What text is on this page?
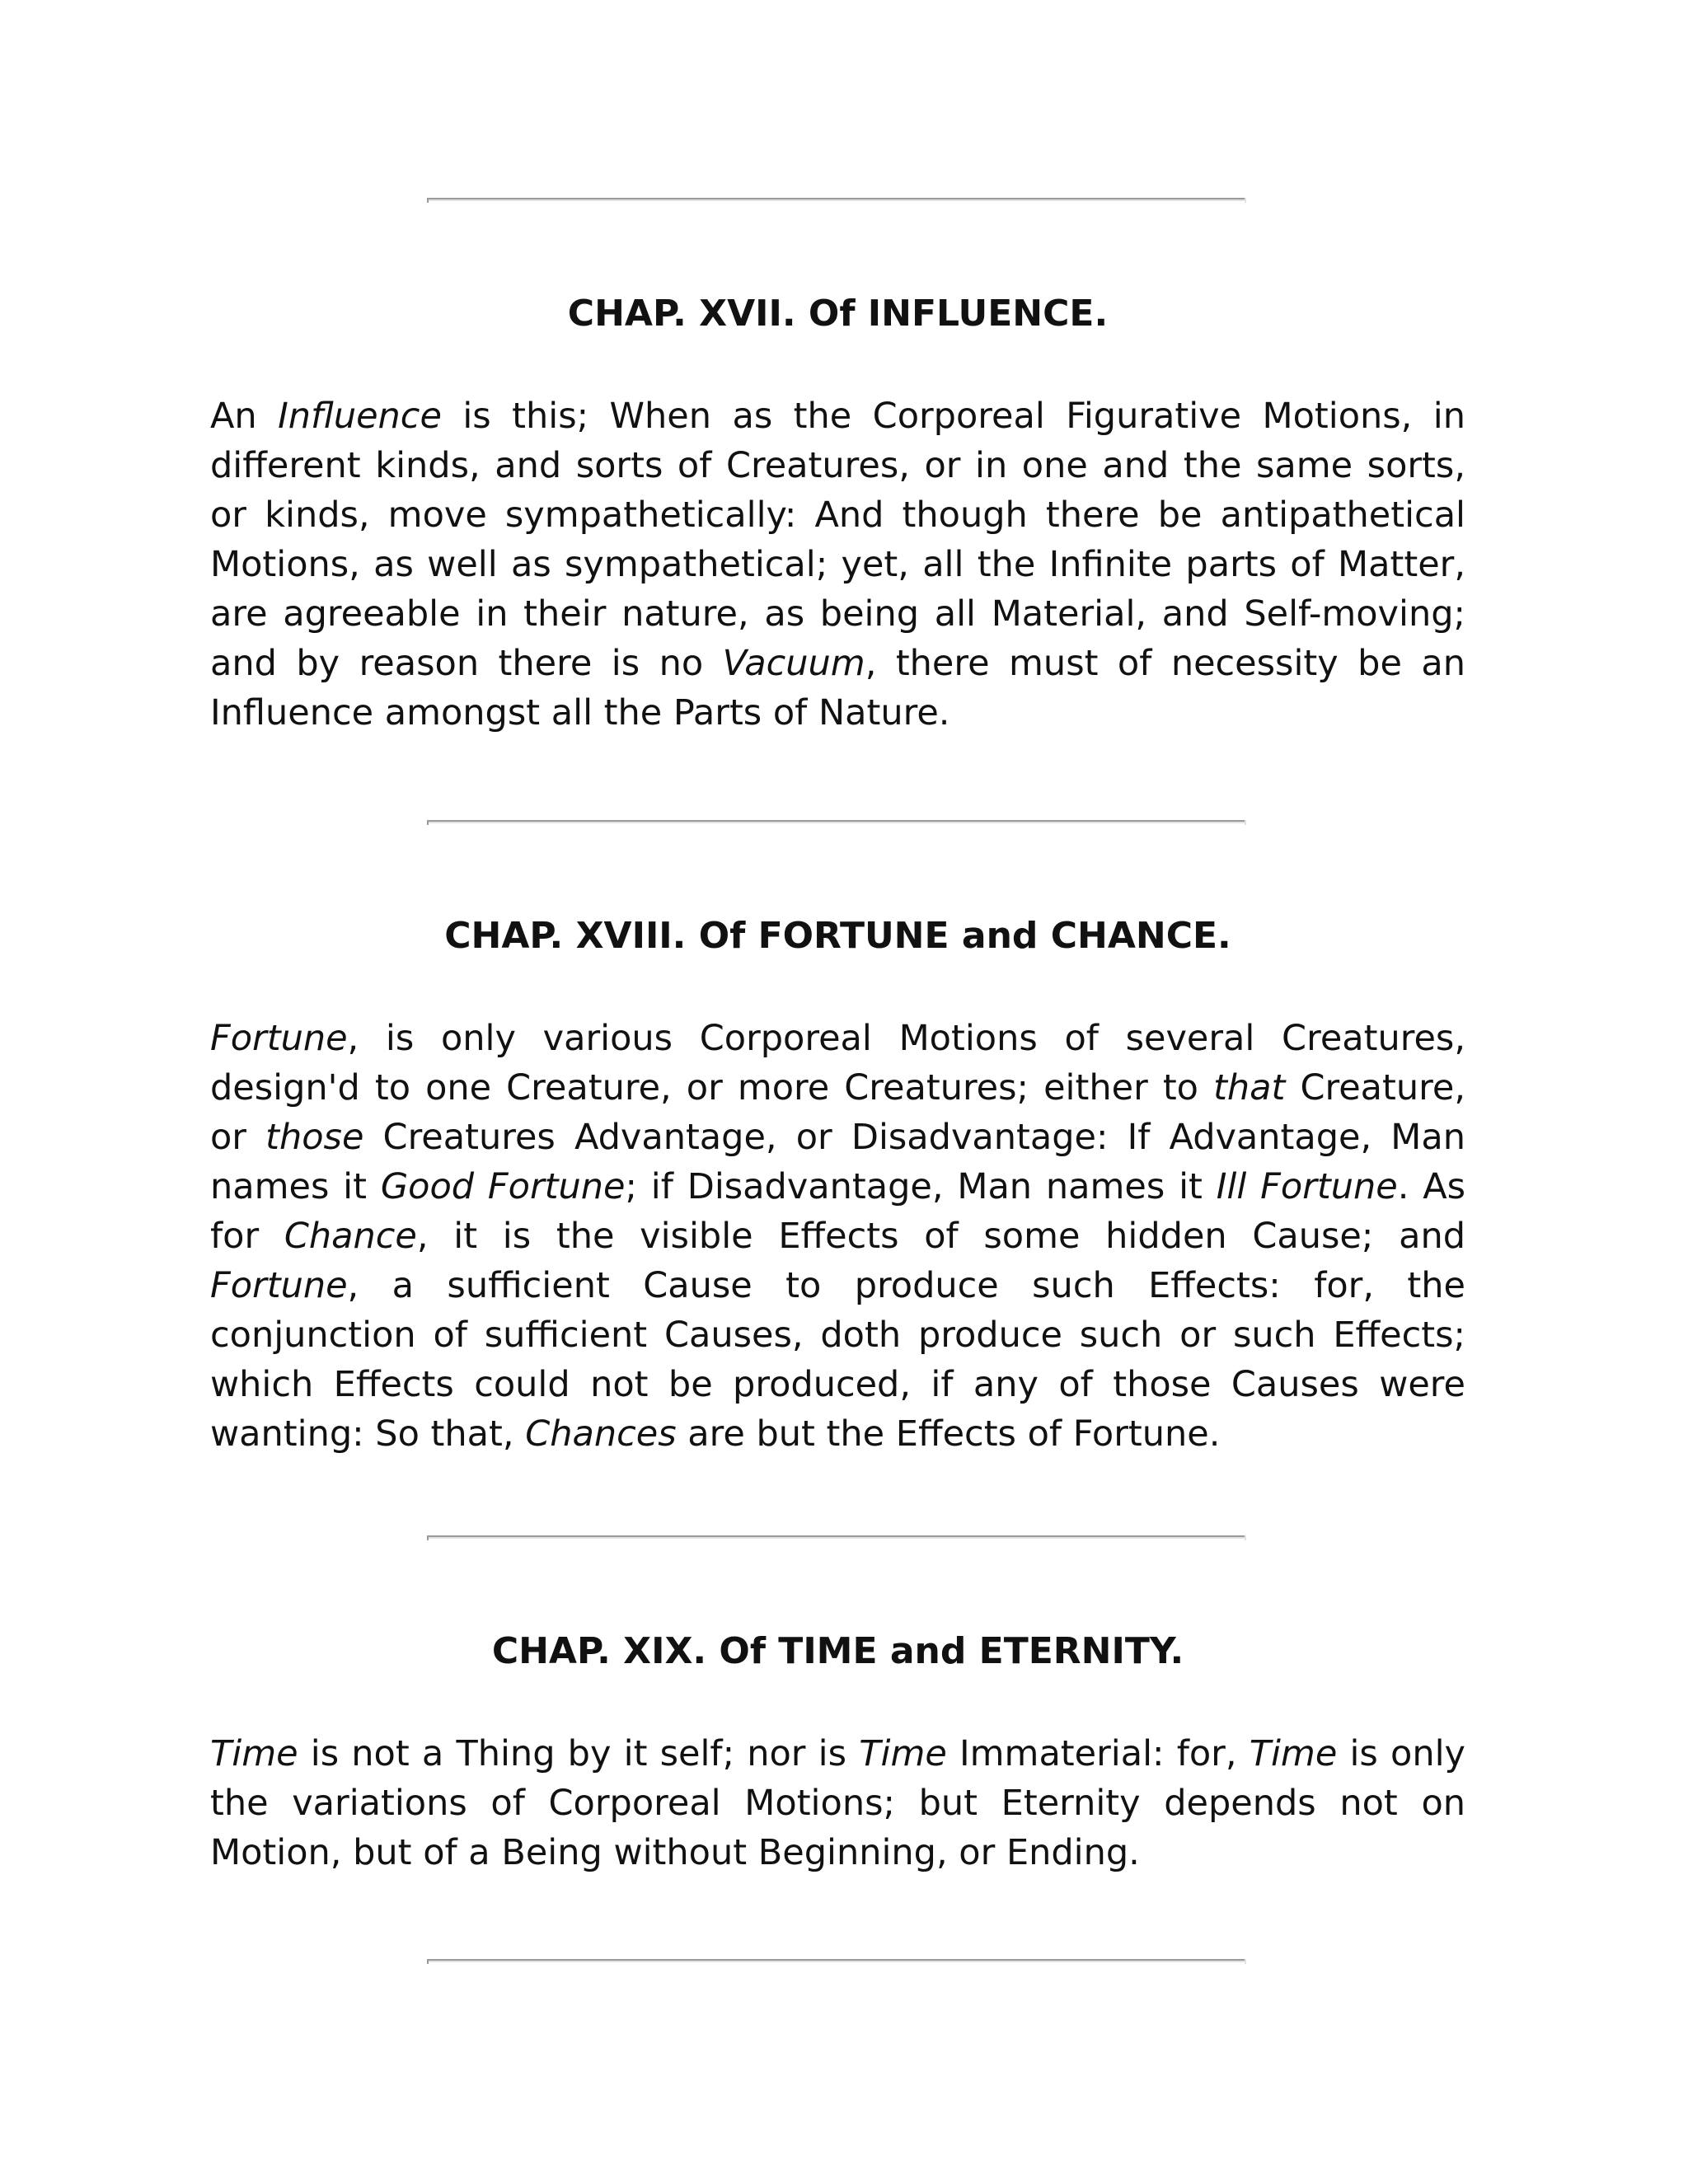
CHAP. XVII. Of INFLUENCE.

An Influence is this; When as the Corporeal Figurative Motions, in different kinds, and sorts of Creatures, or in one and the same sorts, or kinds, move sympathetically: And though there be antipathetical Motions, as well as sympathetical; yet, all the Infinite parts of Matter, are agreeable in their nature, as being all Material, and Self-moving; and by reason there is no Vacuum, there must of necessity be an Influence amongst all the Parts of Nature.

CHAP. XVIII. Of FORTUNE and CHANCE.

Fortune, is only various Corporeal Motions of several Creatures, design'd to one Creature, or more Creatures; either to that Creature, or those Creatures Advantage, or Disadvantage: If Advantage, Man names it Good Fortune; if Disadvantage, Man names it Ill Fortune. As for Chance, it is the visible Effects of some hidden Cause; and Fortune, a sufficient Cause to produce such Effects: for, the conjunction of sufficient Causes, doth produce such or such Effects; which Effects could not be produced, if any of those Causes were wanting: So that, Chances are but the Effects of Fortune.

CHAP. XIX. Of TIME and ETERNITY.

Time is not a Thing by it self; nor is Time Immaterial: for, Time is only the variations of Corporeal Motions; but Eternity depends not on Motion, but of a Being without Beginning, or Ending.
